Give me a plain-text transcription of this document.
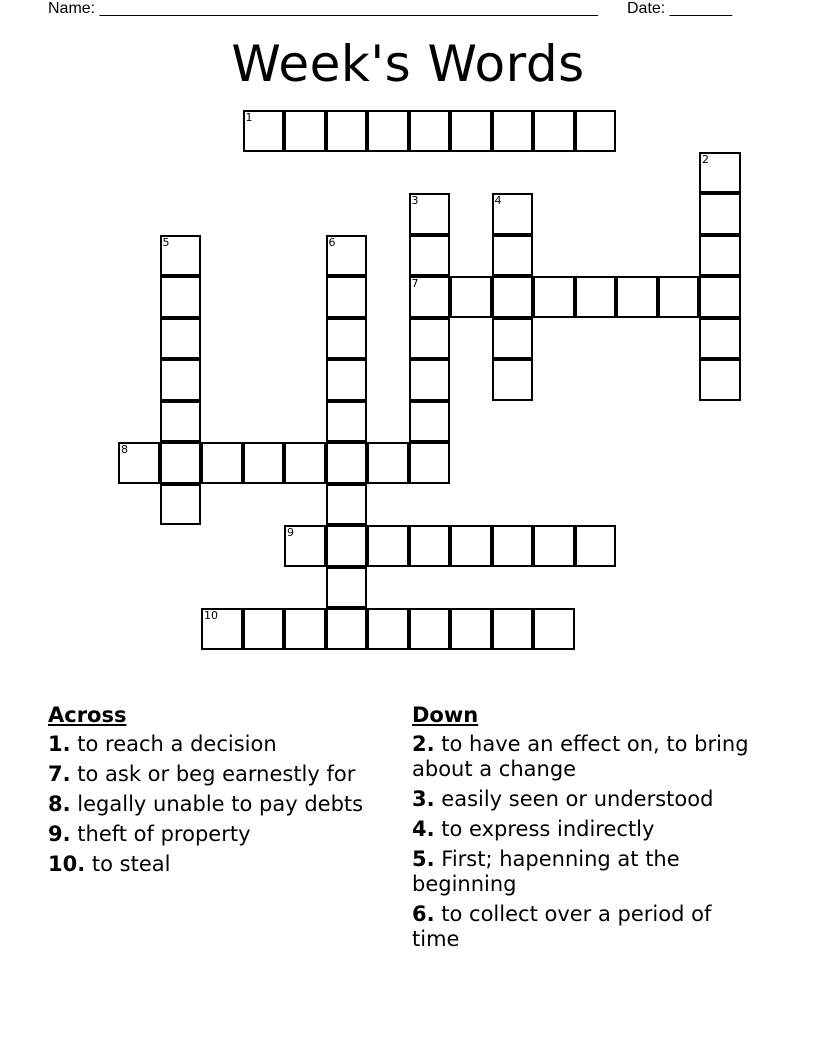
Name: ________________________________________________________ Date: _______
Week's Words
1
2
3
7
4
5	6
8
9
10
Across
1. to reach a decision
7. to ask or beg earnestly for
8. legally unable to pay debts
9. theft of property
10. to steal
Down
2. to have an effect on, to bring about a change
3. easily seen or understood
4. to express indirectly
5. First; hapenning at the beginning
6. to collect over a period of time
